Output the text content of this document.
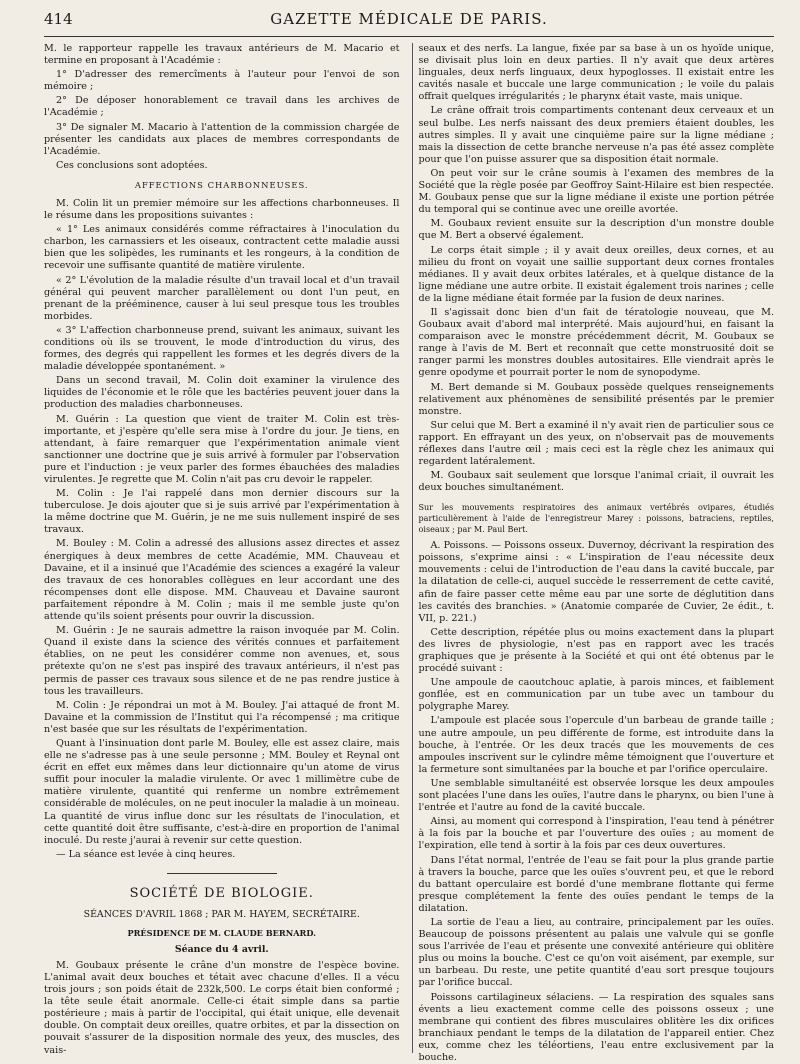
414	GAZETTE MÉDICALE DE PARIS.

M. le rapporteur rappelle les travaux antérieurs de M. Macario et termine en proposant à l'Académie :

1° D'adresser des remercîments à l'auteur pour l'envoi de son mémoire ;

2° De déposer honorablement ce travail dans les archives de l'Académie ;

3° De signaler M. Macario à l'attention de la commission chargée de présenter les candidats aux places de membres correspondants de l'Académie.

Ces conclusions sont adoptées.

AFFECTIONS CHARBONNEUSES.

M. Colin lit un premier mémoire sur les affections charbonneuses. Il le résume dans les propositions suivantes :

« 1° Les animaux considérés comme réfractaires à l'inoculation du charbon, les carnassiers et les oiseaux, contractent cette maladie aussi bien que les solipèdes, les ruminants et les rongeurs, à la condition de recevoir une suffisante quantité de matière virulente.

« 2° L'évolution de la maladie résulte d'un travail local et d'un travail général qui peuvent marcher parallèlement ou dont l'un peut, en prenant de la prééminence, causer à lui seul presque tous les troubles morbides.

« 3° L'affection charbonneuse prend, suivant les animaux, suivant les conditions où ils se trouvent, le mode d'introduction du virus, des formes, des degrés qui rappellent les formes et les degrés divers de la maladie développée spontanément. »

Dans un second travail, M. Colin doit examiner la virulence des liquides de l'économie et le rôle que les bactéries peuvent jouer dans la production des maladies charbonneuses.

M. Guérin : La question que vient de traiter M. Colin est très-importante, et j'espère qu'elle sera mise à l'ordre du jour. Je tiens, en attendant, à faire remarquer que l'expérimentation animale vient sanctionner une doctrine que je suis arrivé à formuler par l'observation pure et l'induction : je veux parler des formes ébauchées des maladies virulentes. Je regrette que M. Colin n'ait pas cru devoir le rappeler.

M. Colin : Je l'ai rappelé dans mon dernier discours sur la tuberculose. Je dois ajouter que si je suis arrivé par l'expérimentation à la même doctrine que M. Guérin, je ne me suis nullement inspiré de ses travaux.

M. Bouley : M. Colin a adressé des allusions assez directes et assez énergiques à deux membres de cette Académie, MM. Chauveau et Davaine, et il a insinué que l'Académie des sciences a exagéré la valeur des travaux de ces honorables collègues en leur accordant une des récompenses dont elle dispose. MM. Chauveau et Davaine sauront parfaitement répondre à M. Colin ; mais il me semble juste qu'on attende qu'ils soient présents pour ouvrir la discussion.

M. Guérin : Je ne saurais admettre la raison invoquée par M. Colin. Quand il existe dans la science des vérités connues et parfaitement établies, on ne peut les considérer comme non avenues, et, sous prétexte qu'on ne s'est pas inspiré des travaux antérieurs, il n'est pas permis de passer ces travaux sous silence et de ne pas rendre justice à tous les travailleurs.

M. Colin : Je répondrai un mot à M. Bouley. J'ai attaqué de front M. Davaine et la commission de l'Institut qui l'a récompensé ; ma critique n'est basée que sur les résultats de l'expérimentation.

Quant à l'insinuation dont parle M. Bouley, elle est assez claire, mais elle ne s'adresse pas à une seule personne ; MM. Bouley et Reynal ont écrit en effet eux mêmes dans leur dictionnaire qu'un atome de virus suffit pour inoculer la maladie virulente. Or avec 1 millimètre cube de matière virulente, quantité qui renferme un nombre extrêmement considérable de molécules, on ne peut inoculer la maladie à un moineau. La quantité de virus influe donc sur les résultats de l'inoculation, et cette quantité doit être suffisante, c'est-à-dire en proportion de l'animal inoculé. Du reste j'aurai à revenir sur cette question.

— La séance est levée à cinq heures.

SOCIÉTÉ DE BIOLOGIE.
SÉANCES D'AVRIL 1868 ; PAR M. HAYEM, SECRÉTAIRE.
PRÉSIDENCE DE M. CLAUDE BERNARD.
Séance du 4 avril.

M. Goubaux présente le crâne d'un monstre de l'espèce bovine. L'animal avait deux bouches et tétait avec chacune d'elles. Il a vécu trois jours ; son poids était de 232k,500. Le corps était bien conformé ; la tête seule était anormale. Celle-ci était simple dans sa partie postérieure ; mais à partir de l'occipital, qui était unique, elle devenait double. On comptait deux oreilles, quatre orbites, et par la dissection on pouvait s'assurer de la disposition normale des yeux, des muscles, des vais-

seaux et des nerfs. La langue, fixée par sa base à un os hyoïde unique, se divisait plus loin en deux parties. Il n'y avait que deux artères linguales, deux nerfs linguaux, deux hypoglosses. Il existait entre les cavités nasale et buccale une large communication ; le voile du palais offrait quelques irrégularités ; le pharynx était vaste, mais unique.

Le crâne offrait trois compartiments contenant deux cerveaux et un seul bulbe. Les nerfs naissant des deux premiers étaient doubles, les autres simples. Il y avait une cinquième paire sur la ligne médiane ; mais la dissection de cette branche nerveuse n'a pas été assez complète pour que l'on puisse assurer que sa disposition était normale.

On peut voir sur le crâne soumis à l'examen des membres de la Société que la règle posée par Geoffroy Saint-Hilaire est bien respectée. M. Goubaux pense que sur la ligne médiane il existe une portion pétrée du temporal qui se continue avec une oreille avortée.

M. Goubaux revient ensuite sur la description d'un monstre double que M. Bert a observé également.

Le corps était simple ; il y avait deux oreilles, deux cornes, et au milieu du front on voyait une saillie supportant deux cornes frontales médianes. Il y avait deux orbites latérales, et à quelque distance de la ligne médiane une autre orbite. Il existait également trois narines ; celle de la ligne médiane était formée par la fusion de deux narines.

Il s'agissait donc bien d'un fait de tératologie nouveau, que M. Goubaux avait d'abord mal interprété. Mais aujourd'hui, en faisant la comparaison avec le monstre précédemment décrit, M. Goubaux se range à l'avis de M. Bert et reconnaît que cette monstruosité doit se ranger parmi les monstres doubles autositaires. Elle viendrait après le genre opodyme et pourrait porter le nom de synopodyme.

M. Bert demande si M. Goubaux possède quelques renseignements relativement aux phénomènes de sensibilité présentés par le premier monstre.

Sur celui que M. Bert a examiné il n'y avait rien de particulier sous ce rapport. En effrayant un des yeux, on n'observait pas de mouvements réflexes dans l'autre œil ; mais ceci est la règle chez les animaux qui regardent latéralement.

M. Goubaux sait seulement que lorsque l'animal criait, il ouvrait les deux bouches simultanément.

Sur les mouvements respiratoires des animaux vertébrés ovipares, étudiés particulièrement à l'aide de l'enregistreur Marey : poissons, batraciens, reptiles, oiseaux ; par M. Paul Bert.

A. Poissons. — Poissons osseux. Duvernoy, décrivant la respiration des poissons, s'exprime ainsi : « L'inspiration de l'eau nécessite deux mouvements : celui de l'introduction de l'eau dans la cavité buccale, par la dilatation de celle-ci, auquel succède le resserrement de cette cavité, afin de faire passer cette même eau par une sorte de déglutition dans les cavités des branchies. » (Anatomie comparée de Cuvier, 2e édit., t. VII, p. 221.)

Cette description, répétée plus ou moins exactement dans la plupart des livres de physiologie, n'est pas en rapport avec les tracés graphiques que je présente à la Société et qui ont été obtenus par le procédé suivant :

Une ampoule de caoutchouc aplatie, à parois minces, et faiblement gonflée, est en communication par un tube avec un tambour du polygraphe Marey.

L'ampoule est placée sous l'opercule d'un barbeau de grande taille ; une autre ampoule, un peu différente de forme, est introduite dans la bouche, à l'entrée. Or les deux tracés que les mouvements de ces ampoules inscrivent sur le cylindre même témoignent que l'ouverture et la fermeture sont simultanées par la bouche et par l'orifice operculaire.

Une semblable simultanéité est observée lorsque les deux ampoules sont placées l'une dans les ouïes, l'autre dans le pharynx, ou bien l'une à l'entrée et l'autre au fond de la cavité buccale.

Ainsi, au moment qui correspond à l'inspiration, l'eau tend à pénétrer à la fois par la bouche et par l'ouverture des ouïes ; au moment de l'expiration, elle tend à sortir à la fois par ces deux ouvertures.

Dans l'état normal, l'entrée de l'eau se fait pour la plus grande partie à travers la bouche, parce que les ouïes s'ouvrent peu, et que le rebord du battant operculaire est bordé d'une membrane flottante qui ferme presque complétement la fente des ouïes pendant le temps de la dilatation.

La sortie de l'eau a lieu, au contraire, principalement par les ouïes. Beaucoup de poissons présentent au palais une valvule qui se gonfle sous l'arrivée de l'eau et présente une convexité antérieure qui oblitère plus ou moins la bouche. C'est ce qu'on voit aisément, par exemple, sur un barbeau. Du reste, une petite quantité d'eau sort presque toujours par l'orifice buccal.

Poissons cartilagineux sélaciens. — La respiration des squales sans évents a lieu exactement comme celle des poissons osseux ; une membrane qui contient des fibres musculaires oblitère les dix orifices branchiaux pendant le temps de la dilatation de l'appareil entier. Chez eux, comme chez les téléortiens, l'eau entre exclusivement par la bouche.
